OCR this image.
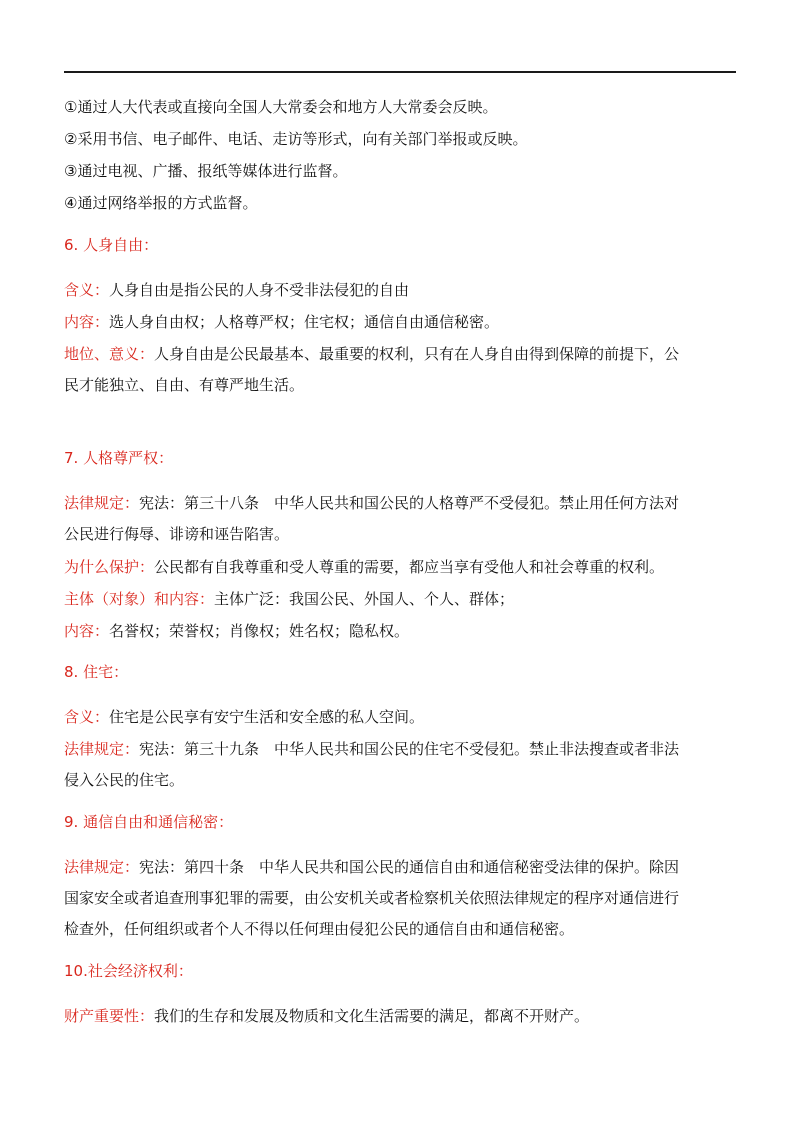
①通过人大代表或直接向全国人大常委会和地方人大常委会反映。
②采用书信、电子邮件、电话、走访等形式，向有关部门举报或反映。
③通过电视、广播、报纸等媒体进行监督。
④通过网络举报的方式监督。
6. 人身自由：
含义：人身自由是指公民的人身不受非法侵犯的自由
内容：选人身自由权；人格尊严权；住宅权；通信自由通信秘密。
地位、意义：人身自由是公民最基本、最重要的权利，只有在人身自由得到保障的前提下，公
民才能独立、自由、有尊严地生活。
7. 人格尊严权：
法律规定：宪法：第三十八条　中华人民共和国公民的人格尊严不受侵犯。禁止用任何方法对
公民进行侮辱、诽谤和诬告陷害。
为什么保护：公民都有自我尊重和受人尊重的需要，都应当享有受他人和社会尊重的权利。
主体（对象）和内容：主体广泛：我国公民、外国人、个人、群体；
内容：名誉权；荣誉权；肖像权；姓名权；隐私权。
8. 住宅：
含义：住宅是公民享有安宁生活和安全感的私人空间。
法律规定：宪法：第三十九条　中华人民共和国公民的住宅不受侵犯。禁止非法搜查或者非法
侵入公民的住宅。
9. 通信自由和通信秘密：
法律规定：宪法：第四十条　中华人民共和国公民的通信自由和通信秘密受法律的保护。除因
国家安全或者追查刑事犯罪的需要，由公安机关或者检察机关依照法律规定的程序对通信进行
检查外，任何组织或者个人不得以任何理由侵犯公民的通信自由和通信秘密。
10.社会经济权利：
财产重要性：我们的生存和发展及物质和文化生活需要的满足，都离不开财产。
